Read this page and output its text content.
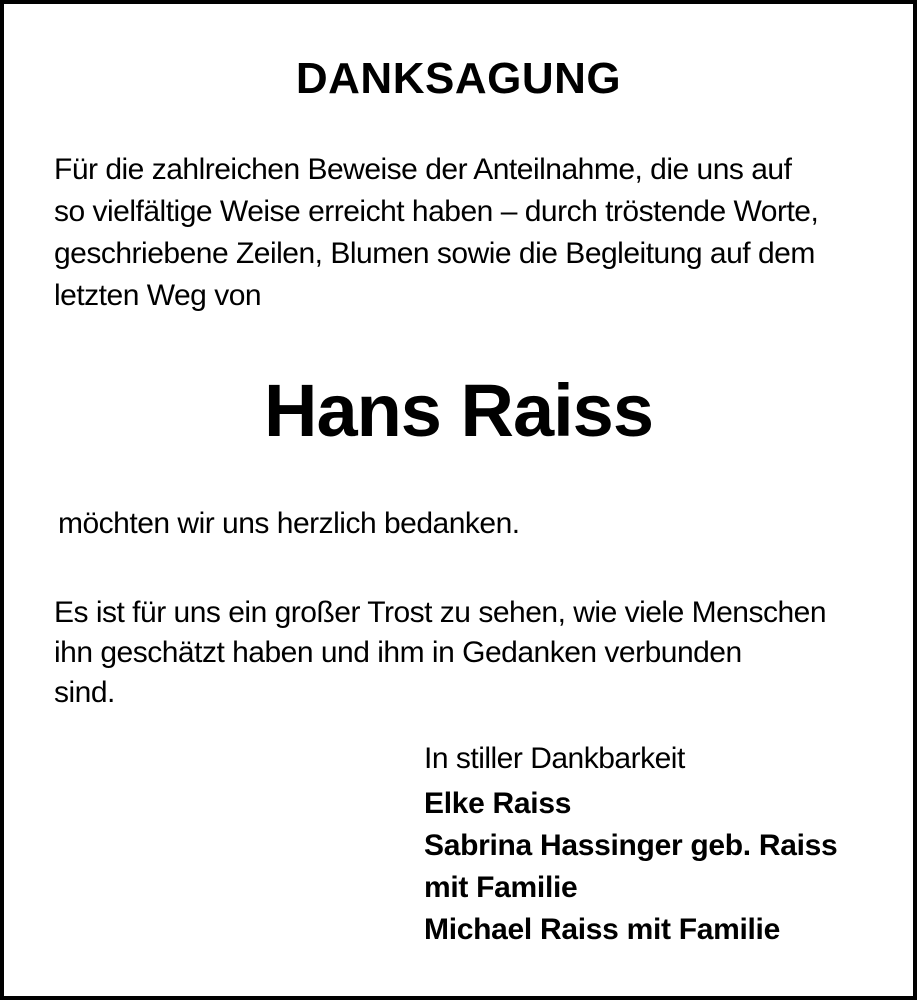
DANKSAGUNG

Für die zahlreichen Beweise der Anteilnahme, die uns auf
so vielfältige Weise erreicht haben – durch tröstende Worte,
geschriebene Zeilen, Blumen sowie die Begleitung auf dem
letzten Weg von

Hans Raiss

möchten wir uns herzlich bedanken.

Es ist für uns ein großer Trost zu sehen, wie viele Menschen
ihn geschätzt haben und ihm in Gedanken verbunden
sind.

In stiller Dankbarkeit

Elke Raiss
Sabrina Hassinger geb. Raiss
mit Familie
Michael Raiss mit Familie
